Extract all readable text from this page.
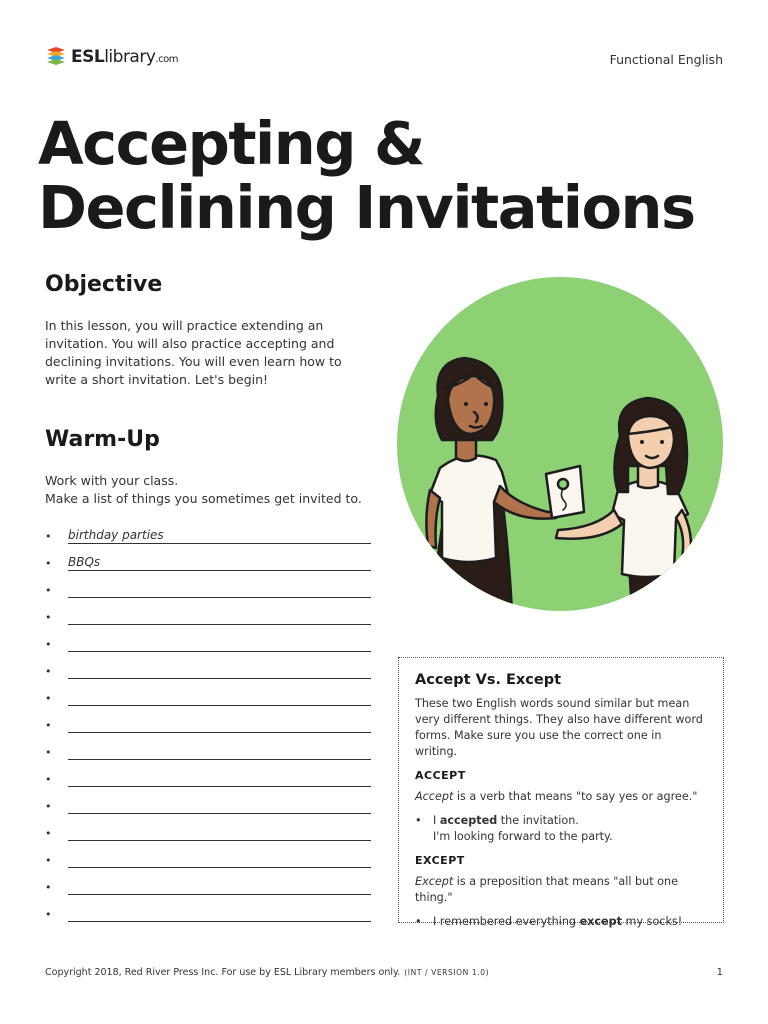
ESLlibrary.com	Functional English
Accepting &
Declining Invitations
Objective

In this lesson, you will practice extending an
invitation. You will also practice accepting and
declining invitations. You will even learn how to
write a short invitation. Let's begin!

Warm-Up

Work with your class.
Make a list of things you sometimes get invited to.

• birthday parties
• BBQs
•
•
•
•
•
•
•
•
•
•
•
•
•
Accept Vs. Except

These two English words sound similar but mean
very different things. They also have different word
forms. Make sure you use the correct one in writing.

ACCEPT

Accept is a verb that means "to say yes or agree."

• I accepted the invitation.
I'm looking forward to the party.
EXCEPT

Except is a preposition that means "all but one thing."

• I remembered everything except my socks!
Copyright 2018, Red River Press Inc. For use by ESL Library members only. (INT / VERSION 1.0)	1
